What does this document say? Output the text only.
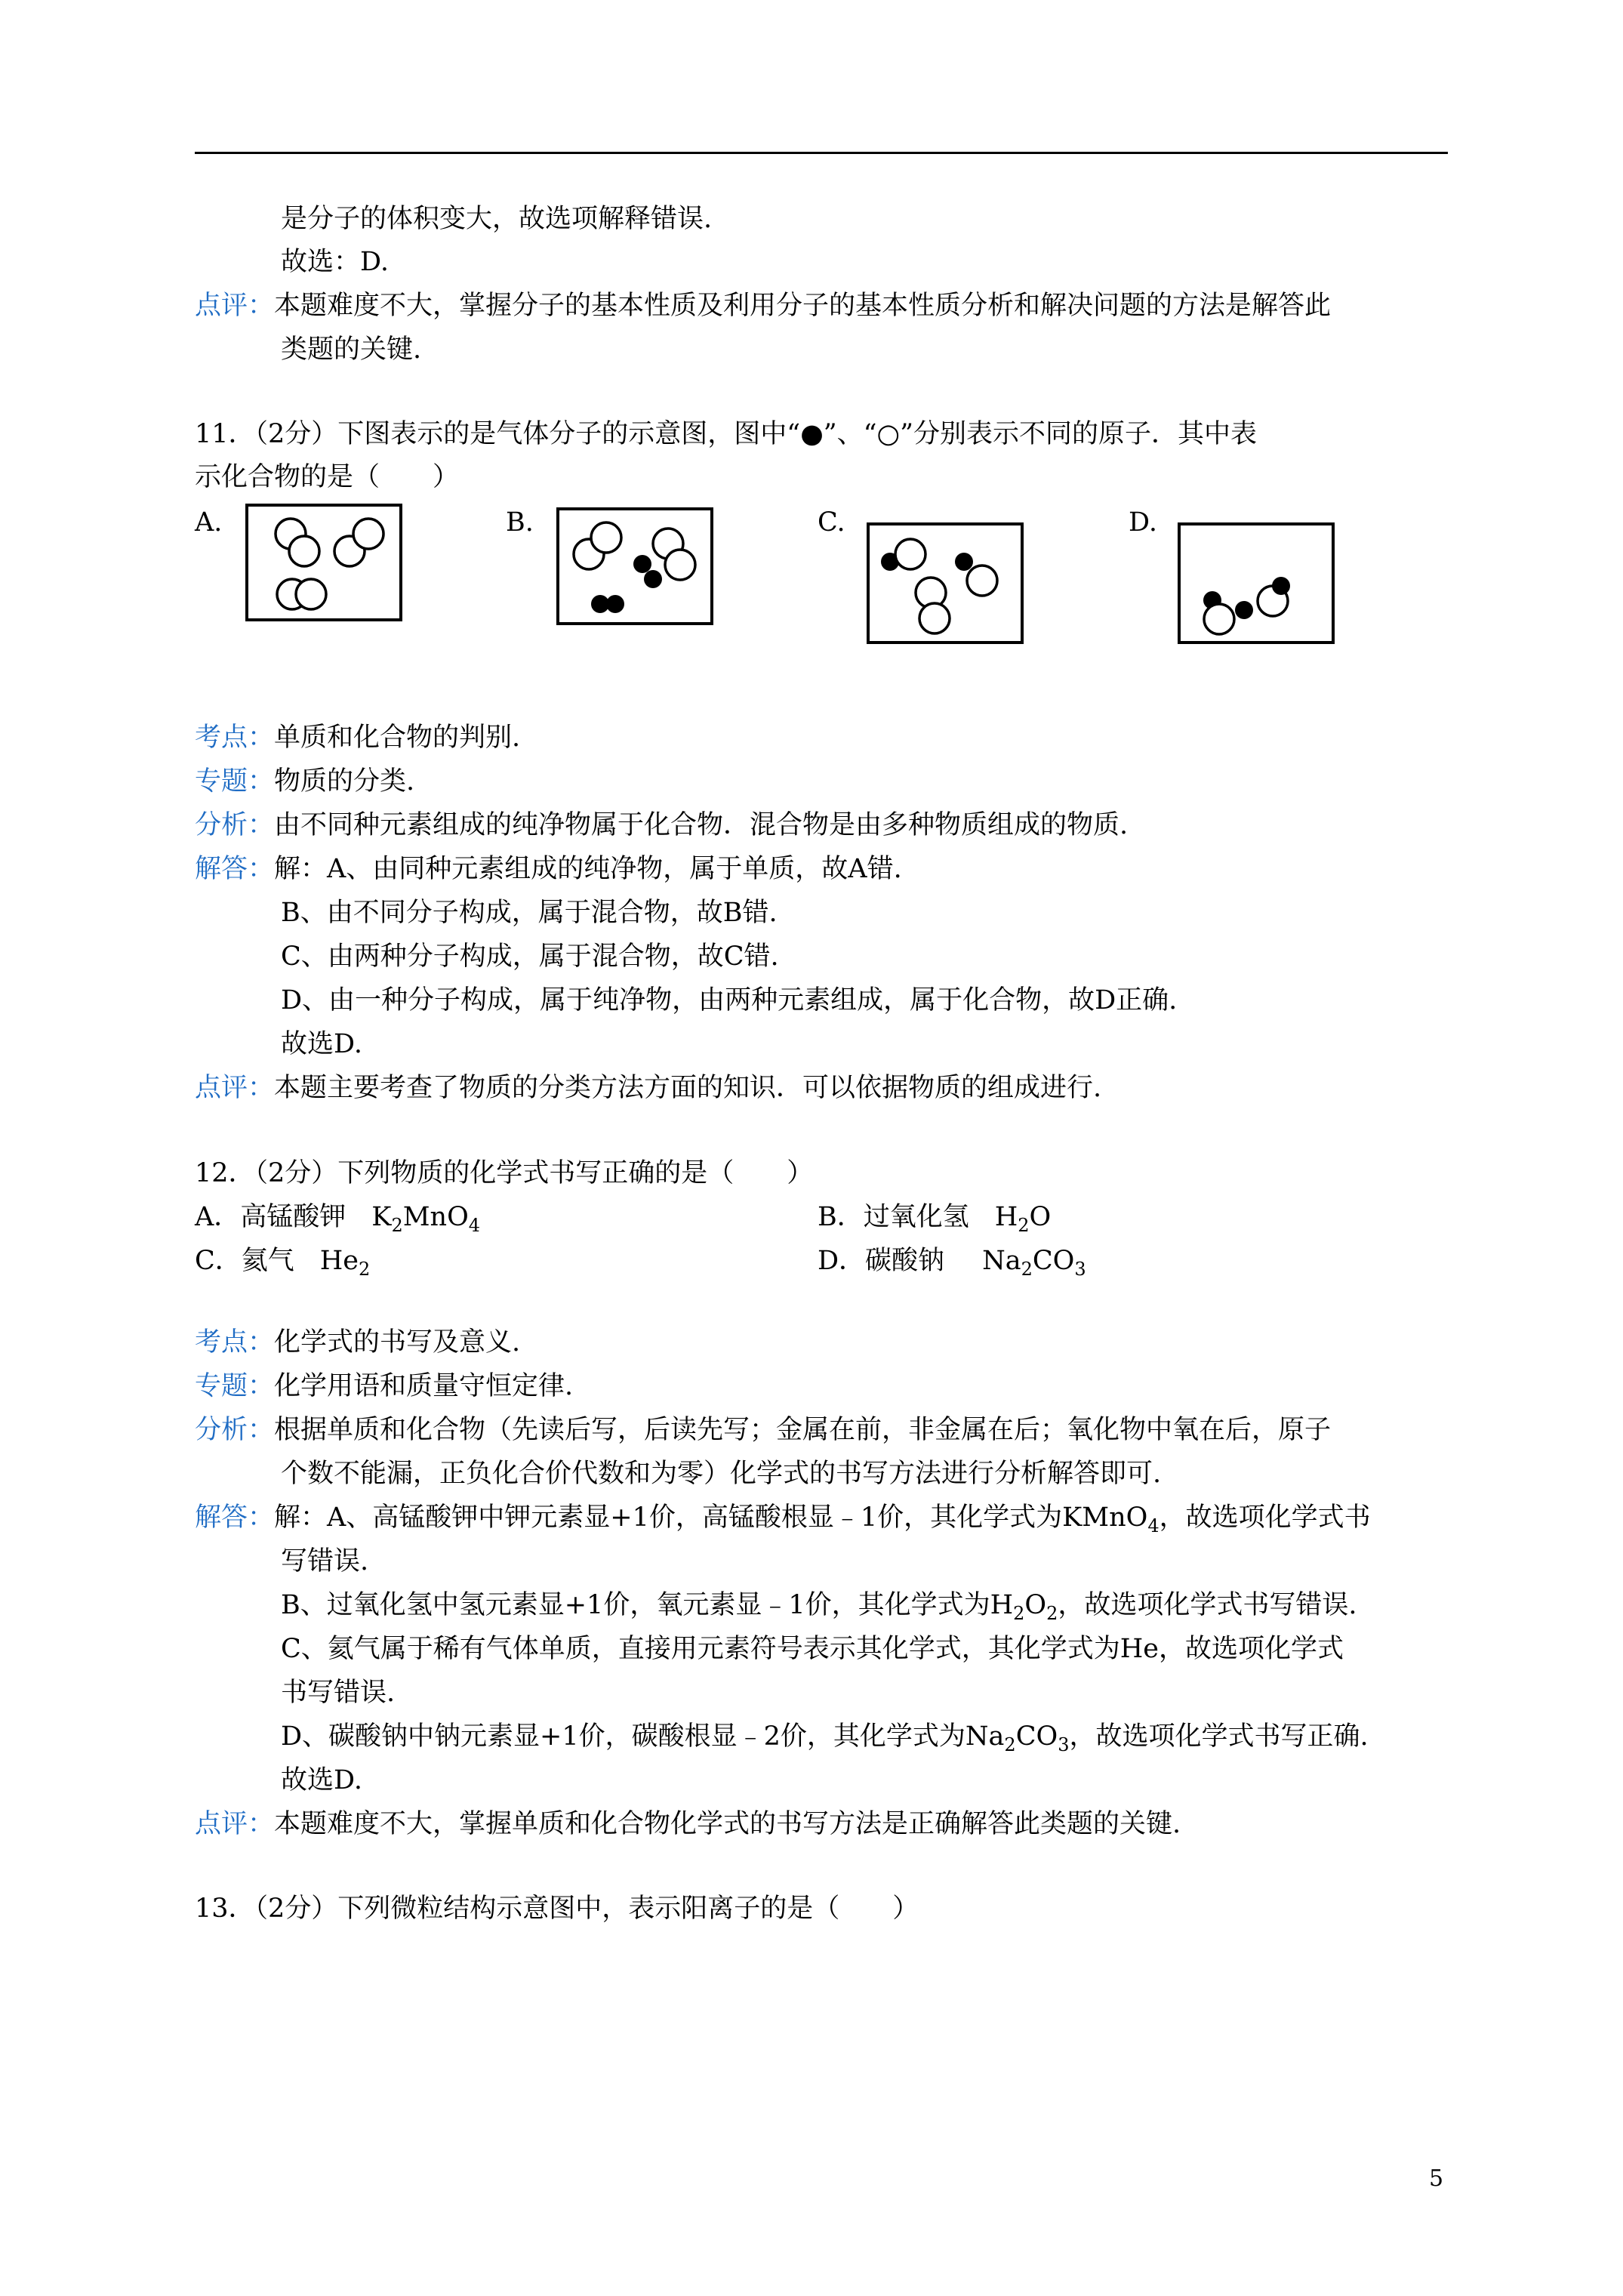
是分子的体积变大，故选项解释错误.
故选：D.
点评：本题难度不大，掌握分子的基本性质及利用分子的基本性质分析和解决问题的方法是解答此
类题的关键.
11．（2分）下图表示的是气体分子的示意图，图中“●”、“○”分别表示不同的原子．其中表
示化合物的是（　　）
A.	B.	C.	D.
考点：单质和化合物的判别.
专题：物质的分类.
分析：由不同种元素组成的纯净物属于化合物．混合物是由多种物质组成的物质.
解答：解：A、由同种元素组成的纯净物，属于单质，故A错.
B、由不同分子构成，属于混合物，故B错.
C、由两种分子构成，属于混合物，故C错.
D、由一种分子构成，属于纯净物，由两种元素组成，属于化合物，故D正确.
故选D.
点评：本题主要考查了物质的分类方法方面的知识．可以依据物质的组成进行.
12．（2分）下列物质的化学式书写正确的是（　　）
A．高锰酸钾 $K_2MnO_4$	B．过氧化氢 $H_2O$
C．氦气 $He_2$	D．碳酸钠 $Na_2CO_3$
考点：化学式的书写及意义.
专题：化学用语和质量守恒定律.
分析：根据单质和化合物（先读后写，后读先写；金属在前，非金属在后；氧化物中氧在后，原子
个数不能漏，正负化合价代数和为零）化学式的书写方法进行分析解答即可.
解答：解：A、高锰酸钾中钾元素显+1价，高锰酸根显﹣1价，其化学式为KMnO$_4$，故选项化学式书
写错误.
B、过氧化氢中氢元素显+1价，氧元素显﹣1价，其化学式为$H_2O_2$，故选项化学式书写错误.
C、氦气属于稀有气体单质，直接用元素符号表示其化学式，其化学式为He，故选项化学式
书写错误.
D、碳酸钠中钠元素显+1价，碳酸根显﹣2价，其化学式为$Na_2CO_3$，故选项化学式书写正确.
故选D.
点评：本题难度不大，掌握单质和化合物化学式的书写方法是正确解答此类题的关键.
13．（2分）下列微粒结构示意图中，表示阳离子的是（　　）
5
